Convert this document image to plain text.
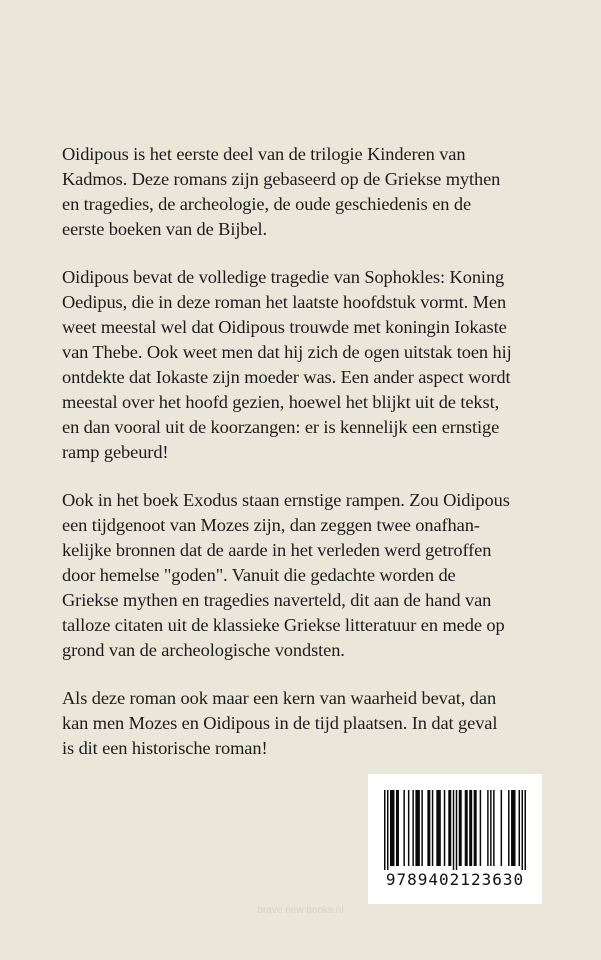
Oidipous is het eerste deel van de trilogie Kinderen van
Kadmos. Deze romans zijn gebaseerd op de Griekse mythen
en tragedies, de archeologie, de oude geschiedenis en de
eerste boeken van de Bijbel.

Oidipous bevat de volledige tragedie van Sophokles: Koning
Oedipus, die in deze roman het laatste hoofdstuk vormt. Men
weet meestal wel dat Oidipous trouwde met koningin Iokaste
van Thebe. Ook weet men dat hij zich de ogen uitstak toen hij
ontdekte dat Iokaste zijn moeder was. Een ander aspect wordt
meestal over het hoofd gezien, hoewel het blijkt uit de tekst,
en dan vooral uit de koorzangen: er is kennelijk een ernstige
ramp gebeurd!

Ook in het boek Exodus staan ernstige rampen. Zou Oidipous
een tijdgenoot van Mozes zijn, dan zeggen twee onafhan-
kelijke bronnen dat de aarde in het verleden werd getroffen
door hemelse "goden". Vanuit die gedachte worden de
Griekse mythen en tragedies naverteld, dit aan de hand van
talloze citaten uit de klassieke Griekse litteratuur en mede op
grond van de archeologische vondsten.

Als deze roman ook maar een kern van waarheid bevat, dan
kan men Mozes en Oidipous in de tijd plaatsen. In dat geval
is dit een historische roman!

9789402123630
brave new books.nl
